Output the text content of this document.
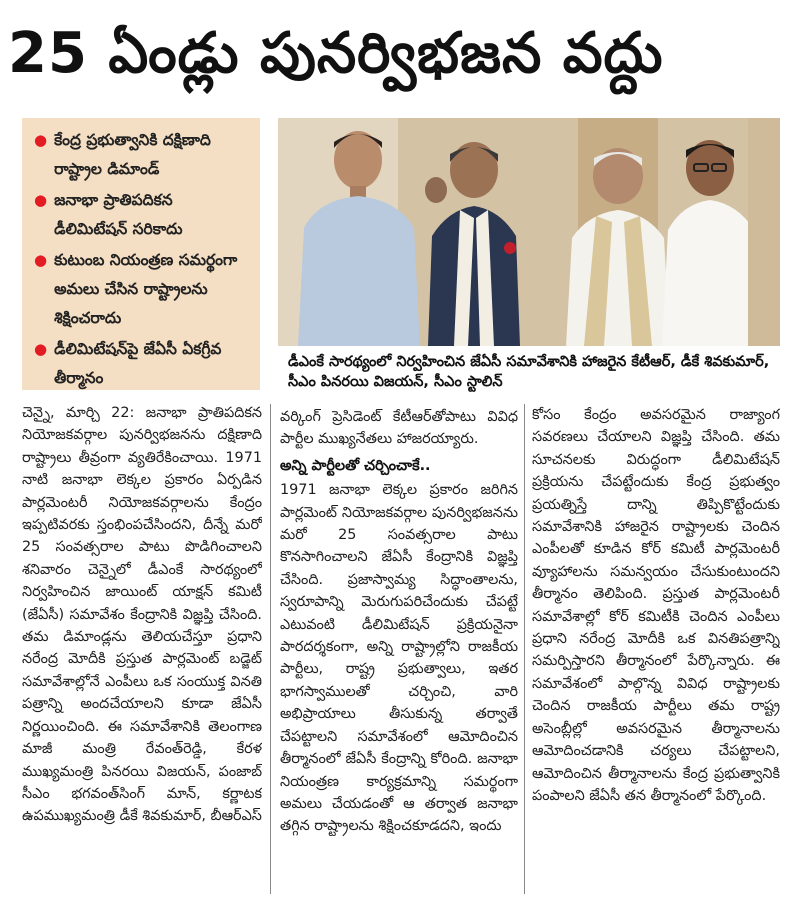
25 ఏండ్లు పునర్విభజన వద్దు
● కేంద్ర ప్రభుత్వానికి దక్షిణాది రాష్ట్రాల డిమాండ్
● జనాభా ప్రాతిపదికన డీలిమిటేషన్ సరికాదు
● కుటుంబ నియంత్రణ సమర్థంగా అమలు చేసిన రాష్ట్రాలను శిక్షించరాదు
● డీలిమిటేషన్‌పై జేఏసీ ఏకగ్రీవ తీర్మానం
డీఎంకే సారథ్యంలో నిర్వహించిన జేఏసీ సమావేశానికి హాజరైన కేటీఆర్‌, డీకే శివకుమార్‌, సీఎం పినరయి విజయన్‌, సీఎం స్టాలిన్‌

చెన్నై, మార్చి 22: జనాభా ప్రాతిపదికన నియోజకవర్గాల పునర్విభజనను దక్షిణాది రాష్ట్రాలు తీవ్రంగా వ్యతిరేకించాయి. 1971 నాటి జనాభా లెక్కల ప్రకారం ఏర్పడిన పార్లమెంటరీ నియోజకవర్గాలను కేంద్రం ఇప్పటివరకు స్తంభింపచేసిందని, దీన్నే మరో 25 సంవత్సరాల పాటు పొడిగించాలని శనివారం చెన్నైలో డీఎంకే సారథ్యంలో నిర్వహించిన జాయింట్‌ యాక్షన్‌ కమిటీ (జేఏసీ) సమావేశం కేంద్రానికి విజ్ఞప్తి చేసింది. తమ డిమాండ్లను తెలియచేస్తూ ప్రధాని నరేంద్ర మోదీకి ప్రస్తుత పార్లమెంట్‌ బడ్జెట్‌ సమావేశాల్లోనే ఎంపీలు ఒక సంయుక్త వినతి పత్రాన్ని అందచేయాలని కూడా జేఏసీ నిర్ణయించింది. ఈ సమావేశానికి తెలంగాణ మాజీ మంత్రి రేవంత్‌రెడ్డి, కేరళ ముఖ్యమంత్రి పినరయి విజయన్‌, పంజాబ్‌ సీఎం భగవంత్‌సింగ్‌ మాన్‌, కర్ణాటక ఉపముఖ్యమంత్రి డీకే శివకుమార్‌, బీఆర్‌ఎస్‌

వర్కింగ్‌ ప్రెసిడెంట్‌ కేటీఆర్‌తోపాటు వివిధ పార్టీల ముఖ్యనేతలు హాజరయ్యారు.

అన్ని పార్టీలతో చర్చించాకే..

1971 జనాభా లెక్కల ప్రకారం జరిగిన పార్లమెంట్‌ నియోజకవర్గాల పునర్విభజనను మరో 25 సంవత్సరాల పాటు కొనసాగించాలని జేఏసీ కేంద్రానికి విజ్ఞప్తి చేసింది. ప్రజాస్వామ్య సిద్ధాంతాలను, స్వరూపాన్ని మెరుగుపరిచేందుకు చేపట్టే ఎటువంటి డీలిమిటేషన్‌ ప్రక్రియనైనా పారదర్శకంగా, అన్ని రాష్ట్రాల్లోని రాజకీయ పార్టీలు, రాష్ట్ర ప్రభుత్వాలు, ఇతర భాగస్వాములతో చర్చించి, వారి అభిప్రాయాలు తీసుకున్న తర్వాతే చేపట్టాలని సమావేశంలో ఆమోదించిన తీర్మానంలో జేఏసీ కేంద్రాన్ని కోరింది. జనాభా నియంత్రణ కార్యక్రమాన్ని సమర్థంగా అమలు చేయడంతో ఆ తర్వాత జనాభా తగ్గిన రాష్ట్రాలను శిక్షించకూడదని, ఇందు

కోసం కేంద్రం అవసరమైన రాజ్యాంగ సవరణలు చేయాలని విజ్ఞప్తి చేసింది. తమ సూచనలకు విరుద్ధంగా డీలిమిటేషన్‌ ప్రక్రియను చేపట్టేందుకు కేంద్ర ప్రభుత్వం ప్రయత్నిస్తే దాన్ని తిప్పికొట్టేందుకు సమావేశానికి హాజరైన రాష్ట్రాలకు చెందిన ఎంపీలతో కూడిన కోర్‌ కమిటీ పార్లమెంటరీ వ్యూహాలను సమన్వయం చేసుకుంటుందని తీర్మానం తెలిపింది. ప్రస్తుత పార్లమెంటరీ సమావేశాల్లో కోర్‌ కమిటీకి చెందిన ఎంపీలు ప్రధాని నరేంద్ర మోదీకి ఒక వినతిపత్రాన్ని సమర్పిస్తారని తీర్మానంలో పేర్కొన్నారు. ఈ సమావేశంలో పాల్గొన్న వివిధ రాష్ట్రాలకు చెందిన రాజకీయ పార్టీలు తమ రాష్ట్ర అసెంబ్లీల్లో అవసరమైన తీర్మానాలను ఆమోదించడానికి చర్యలు చేపట్టాలని, ఆమోదించిన తీర్మానాలను కేంద్ర ప్రభుత్వానికి పంపాలని జేఏసీ తన తీర్మానంలో పేర్కొంది.
